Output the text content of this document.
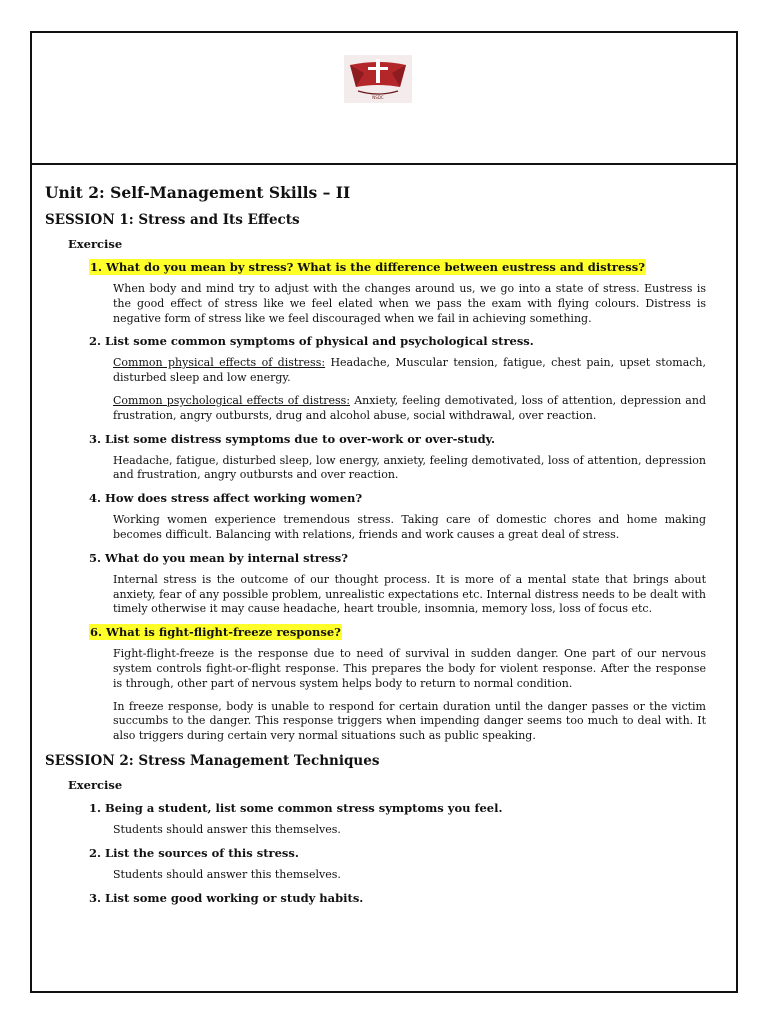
NSDC
Unit 2: Self-Management Skills – II
SESSION 1: Stress and Its Effects
Exercise
1. What do you mean by stress? What is the difference between eustress and distress?
When body and mind try to adjust with the changes around us, we go into a state of stress. Eustress is the good effect of stress like we feel elated when we pass the exam with flying colours. Distress is negative form of stress like we feel discouraged when we fail in achieving something.
2. List some common symptoms of physical and psychological stress.
Common physical effects of distress: Headache, Muscular tension, fatigue, chest pain, upset stomach, disturbed sleep and low energy.
Common psychological effects of distress: Anxiety, feeling demotivated, loss of attention, depression and frustration, angry outbursts, drug and alcohol abuse, social withdrawal, over reaction.
3. List some distress symptoms due to over-work or over-study.
Headache, fatigue, disturbed sleep, low energy, anxiety, feeling demotivated, loss of attention, depression and frustration, angry outbursts and over reaction.
4. How does stress affect working women?
Working women experience tremendous stress. Taking care of domestic chores and home making becomes difficult. Balancing with relations, friends and work causes a great deal of stress.
5. What do you mean by internal stress?
Internal stress is the outcome of our thought process. It is more of a mental state that brings about anxiety, fear of any possible problem, unrealistic expectations etc. Internal distress needs to be dealt with timely otherwise it may cause headache, heart trouble, insomnia, memory loss, loss of focus etc.
6. What is fight-flight-freeze response?
Fight-flight-freeze is the response due to need of survival in sudden danger. One part of our nervous system controls fight-or-flight response. This prepares the body for violent response. After the response is through, other part of nervous system helps body to return to normal condition.
In freeze response, body is unable to respond for certain duration until the danger passes or the victim succumbs to the danger. This response triggers when impending danger seems too much to deal with. It also triggers during certain very normal situations such as public speaking.
SESSION 2: Stress Management Techniques
Exercise
1. Being a student, list some common stress symptoms you feel.
Students should answer this themselves.
2. List the sources of this stress.
Students should answer this themselves.
3. List some good working or study habits.
